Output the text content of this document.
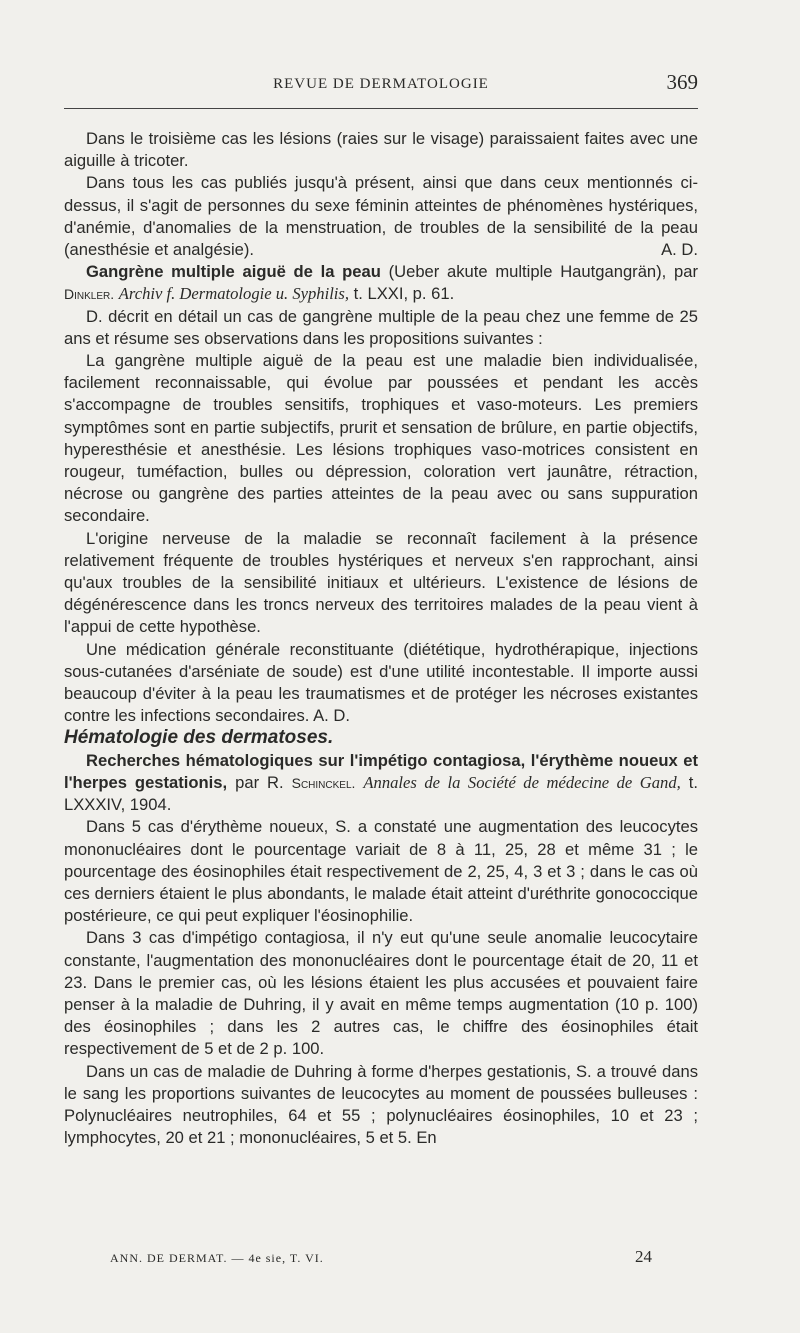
REVUE DE DERMATOLOGIE	369

Dans le troisième cas les lésions (raies sur le visage) paraissaient faites avec une aiguille à tricoter.

Dans tous les cas publiés jusqu'à présent, ainsi que dans ceux mentionnés ci-dessus, il s'agit de personnes du sexe féminin atteintes de phénomènes hystériques, d'anémie, d'anomalies de la menstruation, de troubles de la sensibilité de la peau (anesthésie et analgésie).	A. D.

Gangrène multiple aiguë de la peau (Ueber akute multiple Hautgangrän), par Dinkler. Archiv f. Dermatologie u. Syphilis, t. LXXI, p. 61.

D. décrit en détail un cas de gangrène multiple de la peau chez une femme de 25 ans et résume ses observations dans les propositions suivantes :

La gangrène multiple aiguë de la peau est une maladie bien individualisée, facilement reconnaissable, qui évolue par poussées et pendant les accès s'accompagne de troubles sensitifs, trophiques et vaso-moteurs. Les premiers symptômes sont en partie subjectifs, prurit et sensation de brûlure, en partie objectifs, hyperesthésie et anesthésie. Les lésions trophiques vaso-motrices consistent en rougeur, tuméfaction, bulles ou dépression, coloration vert jaunâtre, rétraction, nécrose ou gangrène des parties atteintes de la peau avec ou sans suppuration secondaire.

L'origine nerveuse de la maladie se reconnaît facilement à la présence relativement fréquente de troubles hystériques et nerveux s'en rapprochant, ainsi qu'aux troubles de la sensibilité initiaux et ultérieurs. L'existence de lésions de dégénérescence dans les troncs nerveux des territoires malades de la peau vient à l'appui de cette hypothèse.

Une médication générale reconstituante (diététique, hydrothérapique, injections sous-cutanées d'arséniate de soude) est d'une utilité incontestable. Il importe aussi beaucoup d'éviter à la peau les traumatismes et de protéger les nécroses existantes contre les infections secondaires. A. D.

Hématologie des dermatoses.

Recherches hématologiques sur l'impétigo contagiosa, l'érythème noueux et l'herpes gestationis, par R. Schinckel. Annales de la Société de médecine de Gand, t. LXXXIV, 1904.

Dans 5 cas d'érythème noueux, S. a constaté une augmentation des leucocytes mononucléaires dont le pourcentage variait de 8 à 11, 25, 28 et même 31 ; le pourcentage des éosinophiles était respectivement de 2, 25, 4, 3 et 3 ; dans le cas où ces derniers étaient le plus abondants, le malade était atteint d'uréthrite gonococcique postérieure, ce qui peut expliquer l'éosinophilie.

Dans 3 cas d'impétigo contagiosa, il n'y eut qu'une seule anomalie leucocytaire constante, l'augmentation des mononucléaires dont le pourcentage était de 20, 11 et 23. Dans le premier cas, où les lésions étaient les plus accusées et pouvaient faire penser à la maladie de Duhring, il y avait en même temps augmentation (10 p. 100) des éosinophiles ; dans les 2 autres cas, le chiffre des éosinophiles était respectivement de 5 et de 2 p. 100.

Dans un cas de maladie de Duhring à forme d'herpes gestationis, S. a trouvé dans le sang les proportions suivantes de leucocytes au moment de poussées bulleuses : Polynucléaires neutrophiles, 64 et 55 ; polynucléaires éosinophiles, 10 et 23 ; lymphocytes, 20 et 21 ; mononucléaires, 5 et 5. En

ANN. DE DERMAT. — 4e sie, T. VI.	24
